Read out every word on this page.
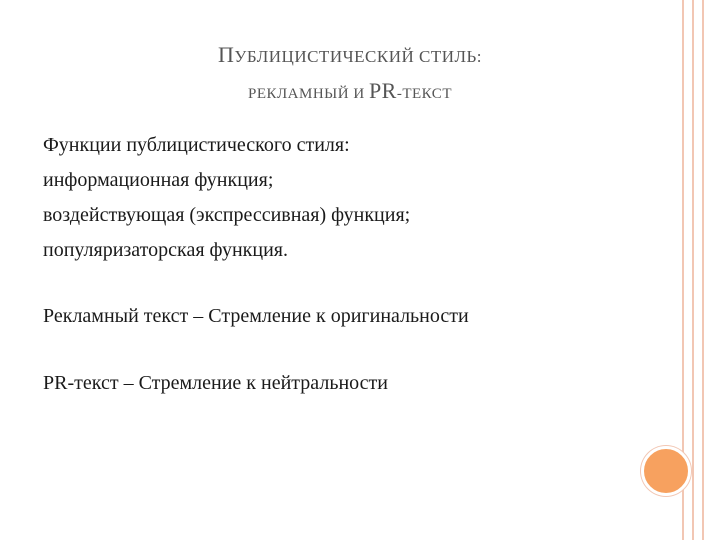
ПУБЛИЦИСТИЧЕСКИЙ СТИЛЬ:
РЕКЛАМНЫЙ И PR-ТЕКСТ

Функции публицистического стиля:

информационная функция;

воздействующая (экспрессивная) функция;

популяризаторская функция.

Рекламный текст – Стремление к оригинальности

PR-текст – Стремление к нейтральности
